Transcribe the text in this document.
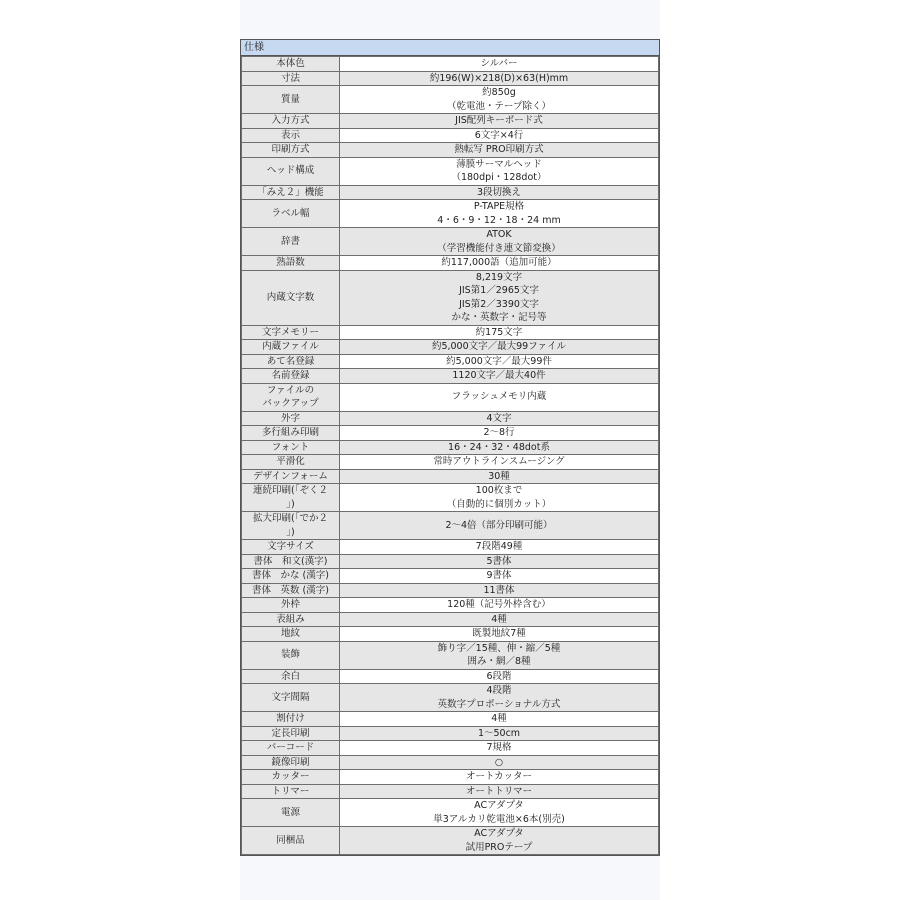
仕様
本体色	シルバー
寸法	約196(W)×218(D)×63(H)mm
質量	約850g
（乾電池・テープ除く）
入力方式	JIS配列キーボード式
表示	6文字×4行
印刷方式	熱転写 PRO印刷方式
ヘッド構成	薄膜サーマルヘッド
（180dpi・128dot）
「みえ２」機能	3段切換え
ラベル幅	P-TAPE規格
4・6・9・12・18・24 mm
辞書	ATOK
（学習機能付き連文節変換）
熟語数	約117,000語（追加可能）
内蔵文字数	8,219文字
JIS第1／2965文字
JIS第2／3390文字
かな・英数字・記号等
文字メモリー	約175文字
内蔵ファイル	約5,000文字／最大99ファイル
あて名登録	約5,000文字／最大99件
名前登録	1120文字／最大40件
ファイルの
バックアップ	フラッシュメモリ内蔵
外字	4文字
多行組み印刷	2～8行
フォント	16・24・32・48dot系
平滑化	常時アウトラインスムージング
デザインフォーム	30種
連続印刷(「ぞく２
」)	100枚まで
（自動的に個別カット）
拡大印刷(「でか２
」)	2～4倍（部分印刷可能）
文字サイズ	7段階49種
書体　和文(漢字)	5書体
書体　かな (漢字)	9書体
書体　英数 (漢字)	11書体
外枠	120種（記号外枠含む）
表組み	4種
地紋	既製地紋7種
装飾	飾り字／15種、伸・縮／5種
囲み・網／8種
余白	6段階
文字間隔	4段階
英数字プロポーショナル方式
割付け	4種
定長印刷	1～50cm
バーコード	7規格
鏡像印刷	○
カッター	オートカッター
トリマー	オートトリマー
電源	ACアダプタ
単3アルカリ乾電池×6本(別売)
同梱品	ACアダプタ
試用PROテープ
